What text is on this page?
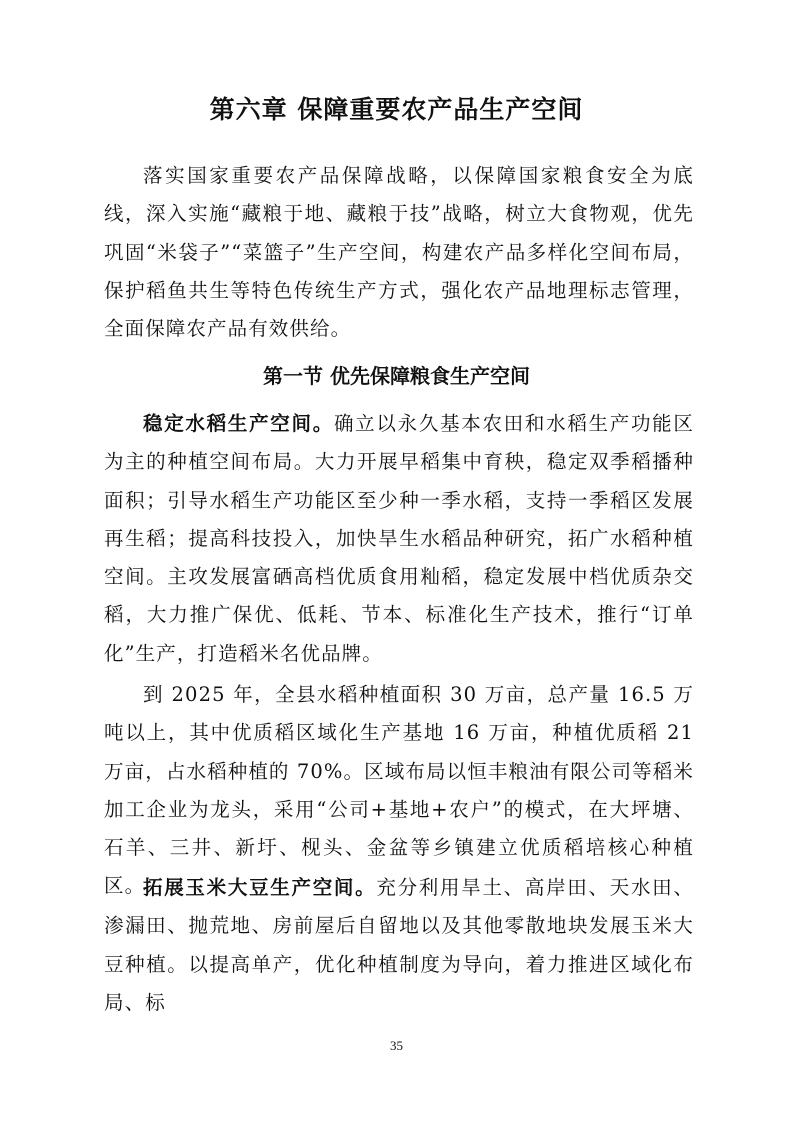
第六章 保障重要农产品生产空间

落实国家重要农产品保障战略，以保障国家粮食安全为底线，深入实施“藏粮于地、藏粮于技”战略，树立大食物观，优先巩固“米袋子”“菜篮子”生产空间，构建农产品多样化空间布局，保护稻鱼共生等特色传统生产方式，强化农产品地理标志管理，全面保障农产品有效供给。

第一节 优先保障粮食生产空间

稳定水稻生产空间。确立以永久基本农田和水稻生产功能区为主的种植空间布局。大力开展早稻集中育秧，稳定双季稻播种面积；引导水稻生产功能区至少种一季水稻，支持一季稻区发展再生稻；提高科技投入，加快旱生水稻品种研究，拓广水稻种植空间。主攻发展富硒高档优质食用籼稻，稳定发展中档优质杂交稻，大力推广保优、低耗、节本、标准化生产技术，推行“订单化”生产，打造稻米名优品牌。

到 2025 年，全县水稻种植面积 30 万亩，总产量 16.5 万吨以上，其中优质稻区域化生产基地 16 万亩，种植优质稻 21 万亩，占水稻种植的 70%。区域布局以恒丰粮油有限公司等稻米加工企业为龙头，采用“公司+基地+农户”的模式，在大坪塘、石羊、三井、新圩、枧头、金盆等乡镇建立优质稻培核心种植区。

拓展玉米大豆生产空间。充分利用旱土、高岸田、天水田、渗漏田、抛荒地、房前屋后自留地以及其他零散地块发展玉米大豆种植。以提高单产，优化种植制度为导向，着力推进区域化布局、标

35
